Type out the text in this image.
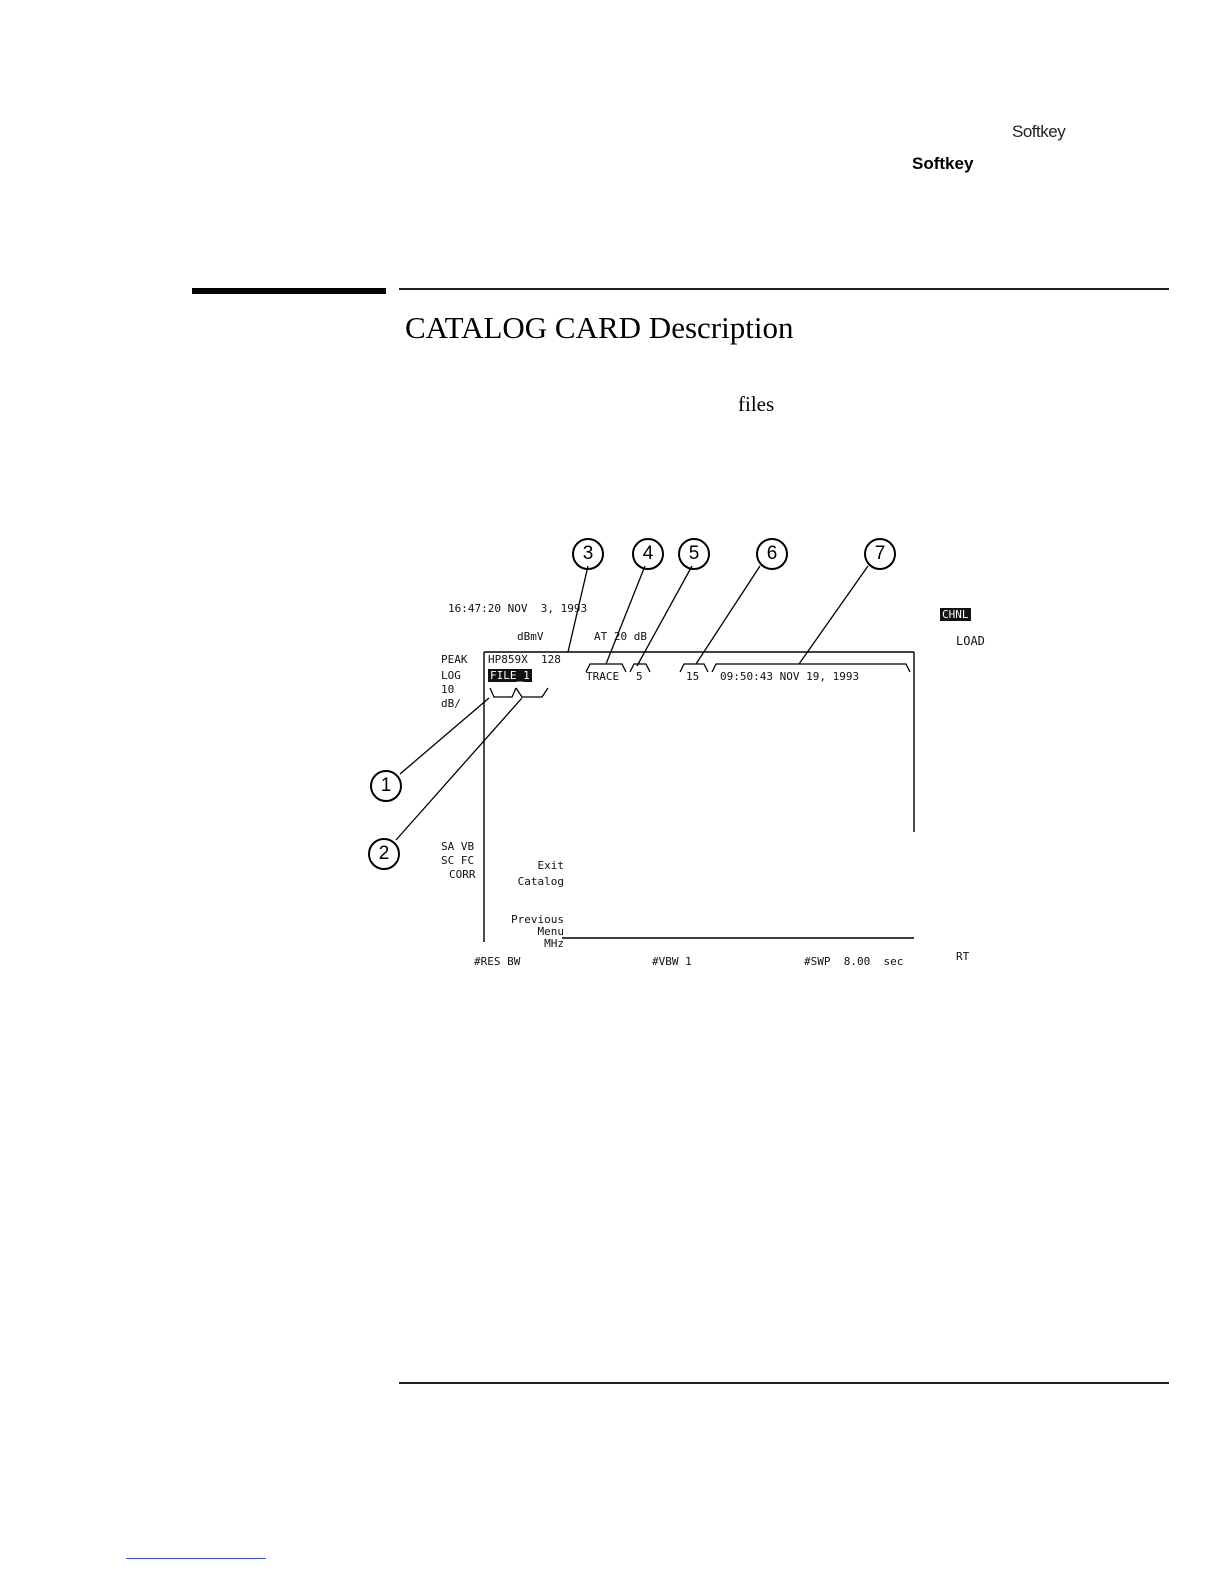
Softkey
Softkey
CATALOG CARD Description
files
3	4	5	6	7
1
2
16:47:20 NOV 3, 1993
dBmV	AT 20 dB
PEAK
LOG
10
dB/
HP859X 128
FILE_1	TRACE 5	15 09:50:43 NOV 19, 1993
CHNL
LOAD
SA VB
SC FC
CORR
Exit
Catalog
Previous
Menu
MHz
#RES BW	#VBW 1	#SWP 8.00 sec	RT
